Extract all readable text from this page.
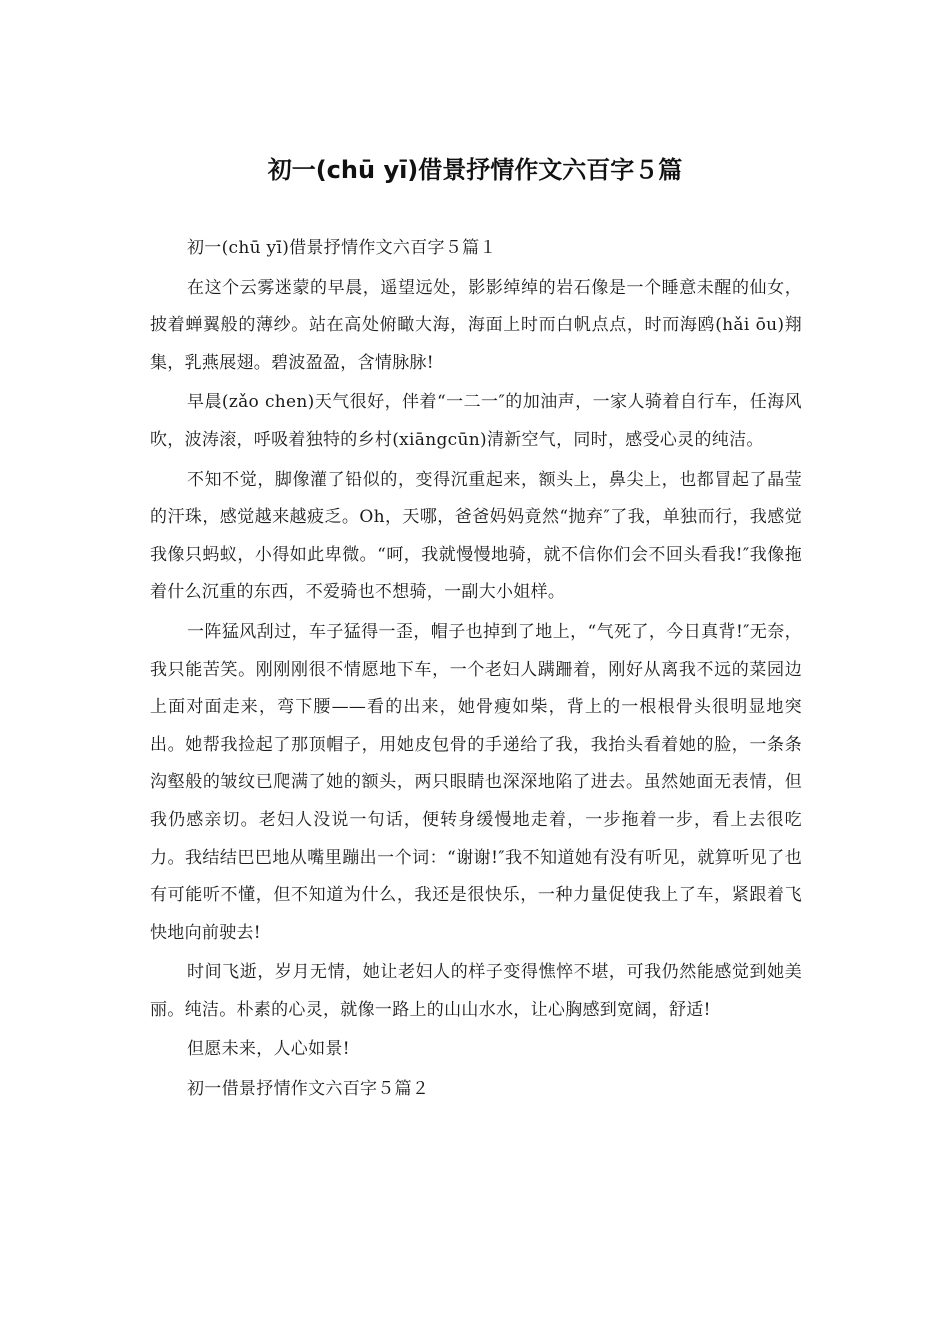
初一(chū yī)借景抒情作文六百字５篇

初一(chū yī)借景抒情作文六百字５篇１

在这个云雾迷蒙的早晨，遥望远处，影影绰绰的岩石像是一个睡意未醒的仙女，披着蝉翼般的薄纱。站在高处俯瞰大海，海面上时而白帆点点，时而海鸥(hǎi ōu)翔集，乳燕展翅。碧波盈盈，含情脉脉!

早晨(zǎo chen)天气很好，伴着“一二一″的加油声，一家人骑着自行车，任海风吹，波涛滚，呼吸着独特的乡村(xiāngcūn)清新空气，同时，感受心灵的纯洁。

不知不觉，脚像灌了铅似的，变得沉重起来，额头上，鼻尖上，也都冒起了晶莹的汗珠，感觉越来越疲乏。Oh，天哪，爸爸妈妈竟然“抛弃″了我，单独而行，我感觉我像只蚂蚁，小得如此卑微。“呵，我就慢慢地骑，就不信你们会不回头看我!″我像拖着什么沉重的东西，不爱骑也不想骑，一副大小姐样。

一阵猛风刮过，车子猛得一歪，帽子也掉到了地上，“气死了，今日真背!″无奈，我只能苦笑。刚刚刚很不情愿地下车，一个老妇人蹒跚着，刚好从离我不远的菜园边上面对面走来，弯下腰——看的出来，她骨瘦如柴，背上的一根根骨头很明显地突出。她帮我捡起了那顶帽子，用她皮包骨的手递给了我，我抬头看着她的脸，一条条沟壑般的皱纹已爬满了她的额头，两只眼睛也深深地陷了进去。虽然她面无表情，但我仍感亲切。老妇人没说一句话，便转身缓慢地走着，一步拖着一步，看上去很吃力。我结结巴巴地从嘴里蹦出一个词：“谢谢!″我不知道她有没有听见，就算听见了也有可能听不懂，但不知道为什么，我还是很快乐，一种力量促使我上了车，紧跟着飞快地向前驶去!

时间飞逝，岁月无情，她让老妇人的样子变得憔悴不堪，可我仍然能感觉到她美丽。纯洁。朴素的心灵，就像一路上的山山水水，让心胸感到宽阔，舒适!

但愿未来，人心如景!

初一借景抒情作文六百字５篇２
